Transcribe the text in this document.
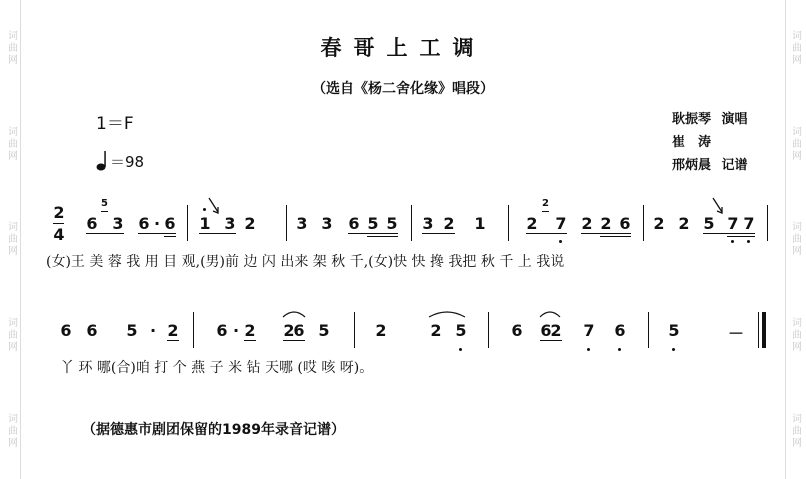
词曲网
词曲网
词曲网
词曲网
词曲网
词曲网
词曲网
词曲网
词曲网
词曲网
春哥上工调
（选自《杨二舍化缘》唱段）
1＝F
＝98
耿振琴 演唱
崔　涛
邢炳晨 记谱
2
4
6
5
3 6 · 6 1 3 2	3 3 6 5 5 3 2 1	2
2
7 2 2 6 2 2 5 7 7
(女)王 美 蓉 我 用 目 观,(男)前 边 闪 出来 架 秋 千,(女)快 快 搀 我把 秋 千 上 我说
6 6 5 · 2 6 · 2 2
6 5	2	2 5	6 6
2 7 6	5	－
丫 环 哪(合)咱 打 个 燕 子 米 钻 天哪 (哎 咳 呀)。
（据德惠市剧团保留的1989年录音记谱）
